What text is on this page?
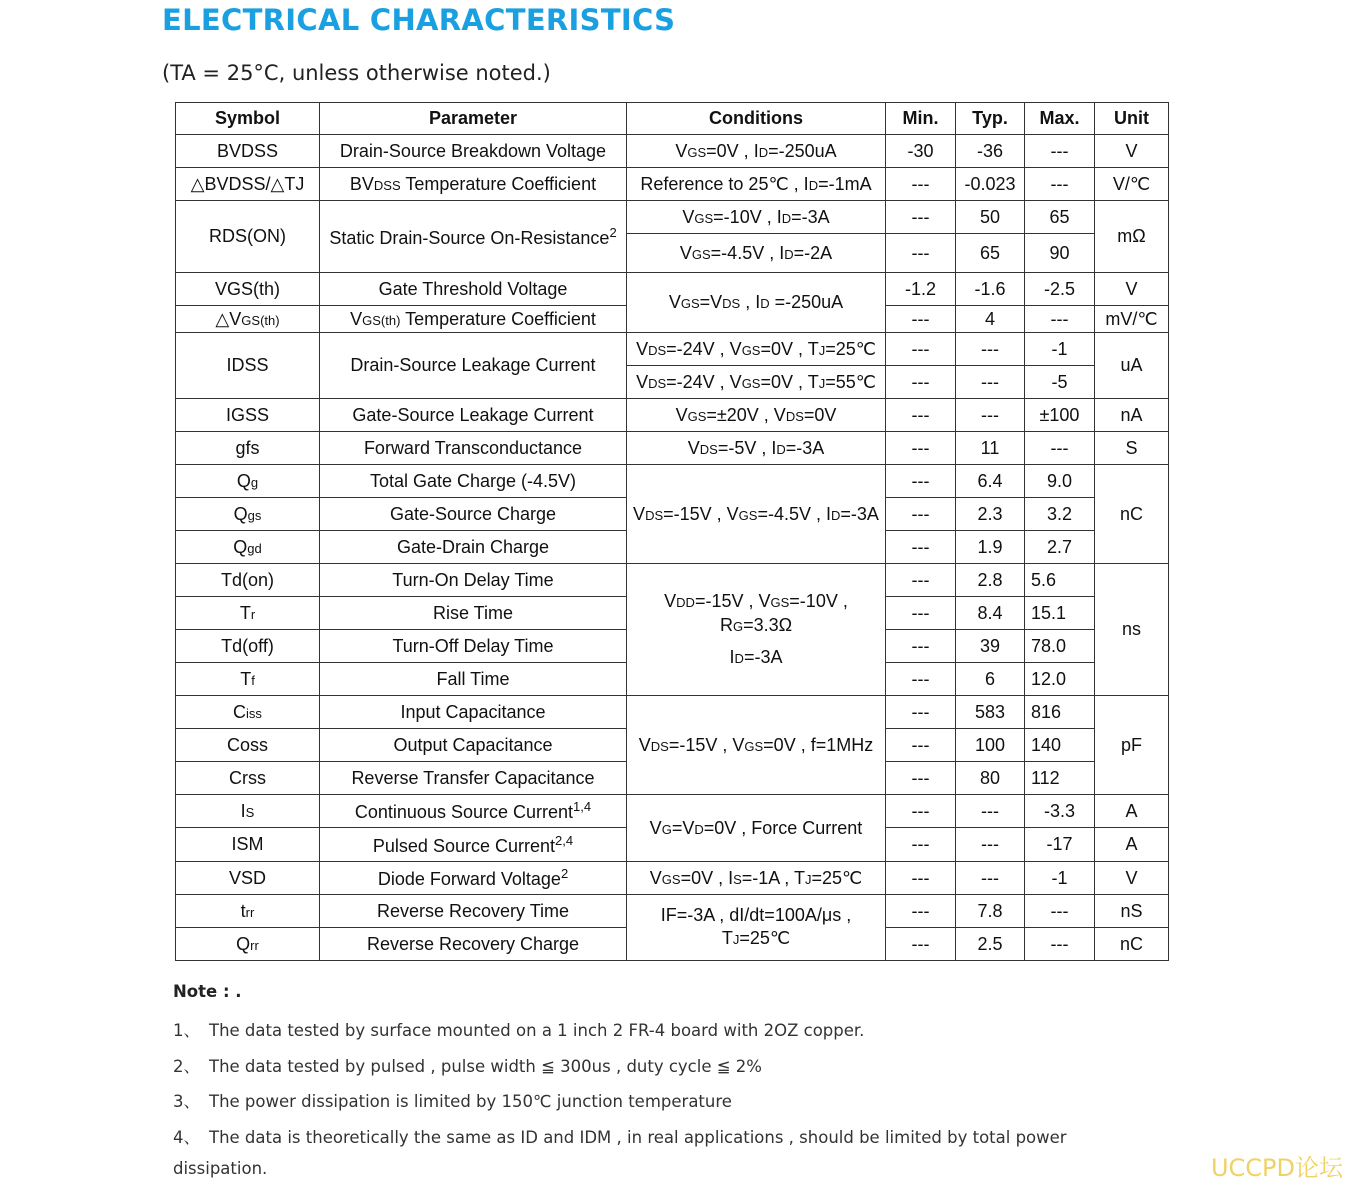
ELECTRICAL CHARACTERISTICS
(TA = 25°C, unless otherwise noted.)
Symbol	Parameter	Conditions	Min.	Typ.	Max.	Unit
BVDSS	Drain-Source Breakdown Voltage	VGS=0V , ID=-250uA	-30	-36	---	V
△BVDSS/△TJ	BVDSS Temperature Coefficient	Reference to 25℃ , ID=-1mA	---	-0.023	---	V/℃
RDS(ON)	Static Drain-Source On-Resistance$^2$	VGS=-10V , ID=-3A	---	50	65	mΩ
		VGS=-4.5V , ID=-2A	---	65	90	
VGS(th)	Gate Threshold Voltage	VGS=VDS , ID =-250uA	-1.2	-1.6	-2.5	V
△VGS(th)	VGS(th) Temperature Coefficient		---	4	---	mV/℃
IDSS	Drain-Source Leakage Current	VDS=-24V , VGS=0V , TJ=25℃	---	---	-1	uA
		VDS=-24V , VGS=0V , TJ=55℃	---	---	-5	
IGSS	Gate-Source Leakage Current	VGS=±20V , VDS=0V	---	---	±100	nA
gfs	Forward Transconductance	VDS=-5V , ID=-3A	---	11	---	S
Qg	Total Gate Charge (-4.5V)	VDS=-15V , VGS=-4.5V , ID=-3A	---	6.4	9.0	nC
Qgs	Gate-Source Charge		---	2.3	3.2	
Qgd	Gate-Drain Charge		---	1.9	2.7	
Td(on)	Turn-On Delay Time	VDD=-15V , VGS=-10V ,
RG=3.3Ω
ID=-3A	---	2.8	5.6	ns
Tr	Rise Time		---	8.4	15.1	
Td(off)	Turn-Off Delay Time		---	39	78.0	
Tf	Fall Time		---	6	12.0	
Ciss	Input Capacitance	VDS=-15V , VGS=0V , f=1MHz	---	583	816	pF
Coss	Output Capacitance		---	100	140	
Crss	Reverse Transfer Capacitance		---	80	112	
IS	Continuous Source Current$^{1,4}$	VG=VD=0V , Force Current	---	---	-3.3	A
ISM	Pulsed Source Current$^{2,4}$		---	---	-17	A
VSD	Diode Forward Voltage$^2$	VGS=0V , IS=-1A , TJ=25℃	---	---	-1	V
trr	Reverse Recovery Time	IF=-3A , dI/dt=100A/μs ,
TJ=25℃	---	7.8	---	nS
Qrr	Reverse Recovery Charge		---	2.5	---	nC
Note : .
1、 The data tested by surface mounted on a 1 inch 2 FR-4 board with 2OZ copper.
2、 The data tested by pulsed , pulse width ≦ 300us , duty cycle ≦ 2%
3、 The power dissipation is limited by 150℃ junction temperature
4、 The data is theoretically the same as ID and IDM , in real applications , should be limited by total power
dissipation.	UCCPD论坛
